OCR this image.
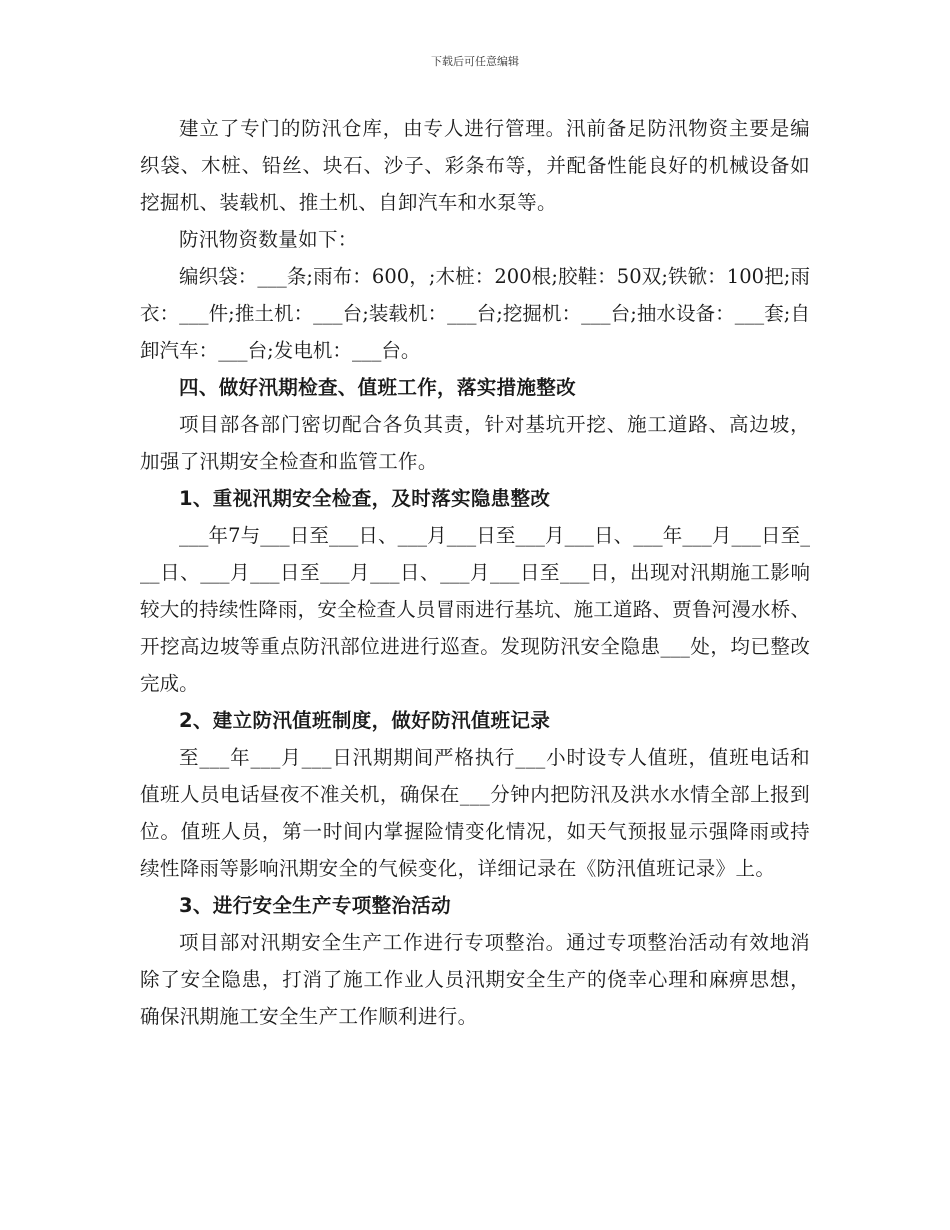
下载后可任意编辑

建立了专门的防汛仓库，由专人进行管理。汛前备足防汛物资主要是编织袋、木桩、铅丝、块石、沙子、彩条布等，并配备性能良好的机械设备如挖掘机、装载机、推土机、自卸汽车和水泵等。

防汛物资数量如下：

编织袋：___条;雨布：600，;木桩：200根;胶鞋：50双;铁锨：100把;雨衣：___件;推土机：___台;装载机：___台;挖掘机：___台;抽水设备：___套;自卸汽车：___台;发电机：___台。

四、做好汛期检查、值班工作，落实措施整改

项目部各部门密切配合各负其责，针对基坑开挖、施工道路、高边坡，加强了汛期安全检查和监管工作。

1、重视汛期安全检查，及时落实隐患整改

___年7与___日至___日、___月___日至___月___日、___年___月___日至___日、___月___日至___月___日、___月___日至___日，出现对汛期施工影响较大的持续性降雨，安全检查人员冒雨进行基坑、施工道路、贾鲁河漫水桥、开挖高边坡等重点防汛部位进进行巡查。发现防汛安全隐患___处，均已整改完成。

2、建立防汛值班制度，做好防汛值班记录

至___年___月___日汛期期间严格执行___小时设专人值班，值班电话和值班人员电话昼夜不准关机，确保在___分钟内把防汛及洪水水情全部上报到位。值班人员，第一时间内掌握险情变化情况，如天气预报显示强降雨或持续性降雨等影响汛期安全的气候变化，详细记录在《防汛值班记录》上。

3、进行安全生产专项整治活动

项目部对汛期安全生产工作进行专项整治。通过专项整治活动有效地消除了安全隐患，打消了施工作业人员汛期安全生产的侥幸心理和麻痹思想，确保汛期施工安全生产工作顺利进行。
